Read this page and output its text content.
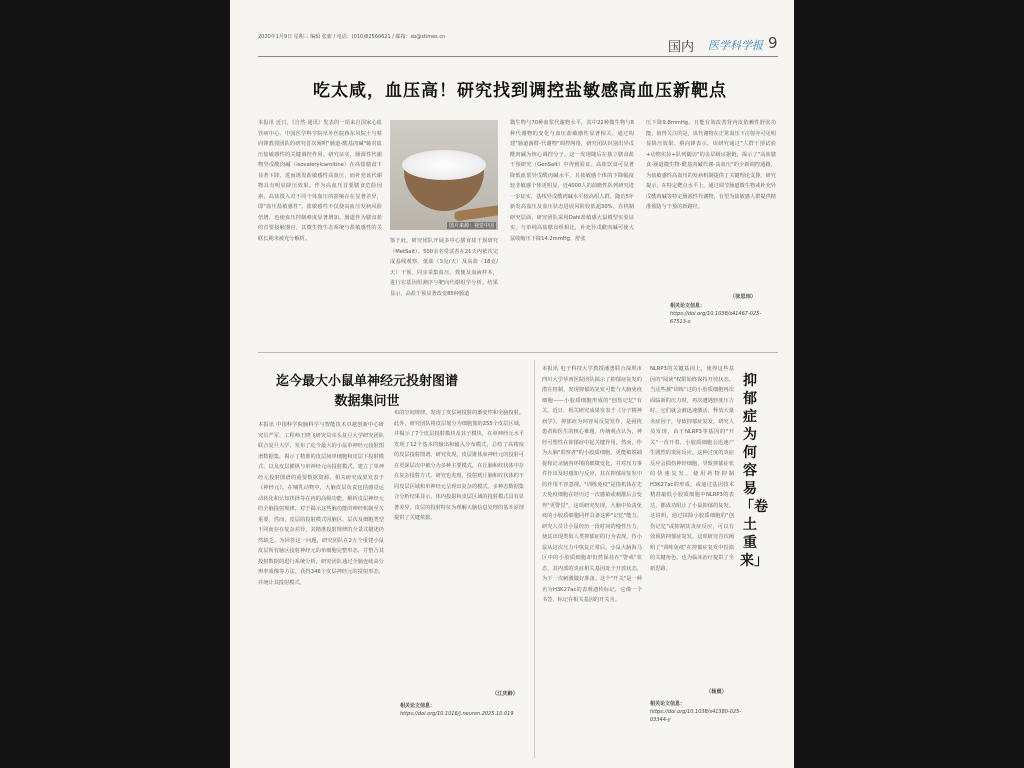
2020年1月9日 星期三 编辑 张新 / 电话：(010)82560621 / 邮箱：sb@stimes.cn
国内 医学科学报 9
吃太咸，血压高！研究找到调控盐敏感高血压新靶点
本报讯 近日，《自然·通讯》发表的一项来自国家心血管病中心、中国医学科学院阜外医院蒋东风院士与蔡向锋教授团队的研究首次阐明"肠道-酰基肉碱"轴对血压盐敏感性的关键调控作用。研究证实，肠源性代谢物异戊酰肉碱（isovalerylcarnitine）在高盐膳食下显著下降，进而诱发盐敏感性高血压，而补充该代谢物具有明显降压效果。作为高血压首要膳食危险因素，高盐摄入对不同个体血压的影响存在显著差异，即"血压盐敏感性"。盐敏感性不仅使高血压发病风险倍增，也使血压控制难度显著增加。肠道作为膳食盐的首要接触器官，其微生物生态系统与盐敏感性的关联长期未被充分解析。
图片来源：视觉中国
鉴于此，研究团队开展多中心膳食盐干预研究（MetSalt）。500余名受试者在21天内依次完成基线观察、低盐（3克/天）及高盐（18克/天）干预，同步采集血压、粪便及血液样本，进行宏基因组测序与靶向代谢组学分析。结果显示，高盐干预显著改变85种肠道
微生物与70种血浆代谢物水平，其中22种微生物与8种代谢物的变化与血压盐敏感性显著相关。通过构建"肠道菌群-代谢物"调控网络，研究团队识别出异戊酰肉碱为核心调控分子。这一发现随后在独立膳食盐干预研究（GenSalt）中得到验证。高盐饮食可显著降低血浆异戊酰肉碱水平，且盐敏感个体的下降幅度较非敏感个体更明显。近4000人的前瞻性队列研究进一步证实，基线异戊酰肉碱水平较高组人群，随访5年新发高血压及血压状态进展风险较低超30%。在机制研究层面，研究团队采用Dahl盐敏感大鼠模型实验证实，与单纯高盐膳食组相比，补充异戊酰肉碱可使大鼠收缩压下降14.2mmHg，舒张
压下降9.8mmHg。且能有效改善肾内皮依赖性舒张功能，值得关注的是，该代谢物在正常血压下注射亦可见明显降压效果。蔡向锋表示，该研究通过"人群干预试验+动物实验+队列随访"的多层级证据链，揭示了"高盐膳食-肠道微生物-酰基肉碱代谢-高血压"的全新调控通路，为盐敏感性高血压的发病机制提供了关键理论支撑。研究提示，在特定靶点水平上，通过调节肠道微生物或补充异戊酰肉碱等特定肠源性代谢物，有望为盐敏感人群提供精准预防与干预的新路径。
（张思玮）
相关论文信息：
https://doi.org/10.1038/s41467-025-67513-x
迄今最大小鼠单神经元投射图谱数据集问世
本报讯 中国科学院脑科学与智能技术卓越创新中心研究员严军、工程师王晓飞研究员牵头复旦大学研究团队联合复旦大学，发布了迄今最大的小鼠单神经元投射图谱数据集，揭示了精准的皮层间单细胞和皮层下投射模式，以及皮层横纵与单神经元向投射模式，建立了单神经元投射图谱的重要数据资源。相关研究成果发表于《神经元》。在哺乳动物中，大脑皮层负责包括感觉运动转化和认知抉择等在内的高级功能。解析皮层神经元的全脑投射规律，对于揭示这些脑功能的神经机制至关重要。然而，皮层的投射模式因脑区、层次及细胞类型不同而存在复杂差异，其精准投射规律的全景式描述仍然缺乏。为回答这一问题，研究团队在2万个重建小鼠皮层所有脑区投射神经元的单细胞完整形态，并整合其投射数据的进行系统分析。研究团队通过全脑连续高分辨率成像等方法，获得346个皮层神经元的投射形态，并统计其投射模式。
布的空间规律，发现了皮层间投射的渐变性和全脑投射。此外，研究团队将皮层划分为细胞簇的255个皮层区域，并揭示了7个皮层投射模块及其子模块，在单神经元水平发现了12个基本的输出和输入分布模式，总结了高精度的皮层投射图谱。研究发现，皮层锥体束神经元的投射可在更深层次中被分为多种主要模式，在丘脑和纹状体中存在复杂投射方式。研究也发现，投射到丘脑和纹状体的不同皮层区域和单神经元呈现出复杂的模式。多种态数据集合分析结果显示，体内投射和皮层区域的投射模式具有显著差异，皮层的投射特征为理解大脑信息处理的基本原理提供了关键依据。
（江庆龄）
相关论文信息：
https://doi.org/10.1016/j.neuron.2025.10.019
本报讯 电子科技大学教授潘勇联合深圳市四川大学华西医院团队揭示了抑郁症复发的潜在机制，发现抑郁的复发可能与大脑免疫细胞——小胶质细胞形成的"创伤记忆"有关。近日，相关研究成果发表于《分子精神病学》。抑郁症为何容易反复发作，是困扰患者和医生的核心难题。传统观点认为，神经可塑性在抑郁症中起关键作用。然而，作为大脑"监察者"的小胶质细胞，更能敏锐捕捉和记录脑内环境的细微变化，并对压力事件作出及时感知与反应，其在抑郁症复发中的作用不容忽视。"训练免疫"是指机体在先天免疫细胞在经历过一次感染或刺激后会变得"更警觉"，这项研究发现，大脑中负责免疫的小胶质细胞同样具备这种"记忆"能力。研究人员让小鼠经历一段时间的慢性压力，使其出现类似人类抑郁症的行为表现，待小鼠从这次压力中恢复正常后，小鼠大脑海马区中的小胶质细胞却仍然保持在"警戒"状态，其内部的炎症相关基因处于开放状态，为下一次刺激做好准备。这个"开关"是一种名为H3K27ac的表观遗传标记，它像一个书签，标记在相关基因的开关旁。
NLRP3的关键基因上，使得这些基因的"阅读"权限始终保持开放状态。当这些被"训练"过的小胶质细胞再次面临新的压力时，再次遭遇轻度压力时，它们就会被迅速激活，释放大量炎症因子，导致抑郁症复发。研究人员发现，由于NLRP3等基因的"开关"一直开着，小胶质细胞会迅速产生剧烈的炎症反应。这种过度的炎症反应会损伤神经细胞，导致抑郁症状的快速复发。使用药物抑制H3K27ac的形成，或通过基因技术精准敲低小胶质细胞中NLRP3的表达，都成功阻止了小鼠抑郁的复发。这说明，通过抹除小胶质细胞的"创伤记忆"或抑制其炎症反应，可以有效预防抑郁症复发。这项研究首次阐明了"训练免疫"在抑郁症复发中扮演的关键角色，也为临床治疗提供了全新思路。
（杨晨）
相关论文信息：
https://doi.org/10.1038/s41380-025-03344-y
抑郁症为何容易「卷土重来」
